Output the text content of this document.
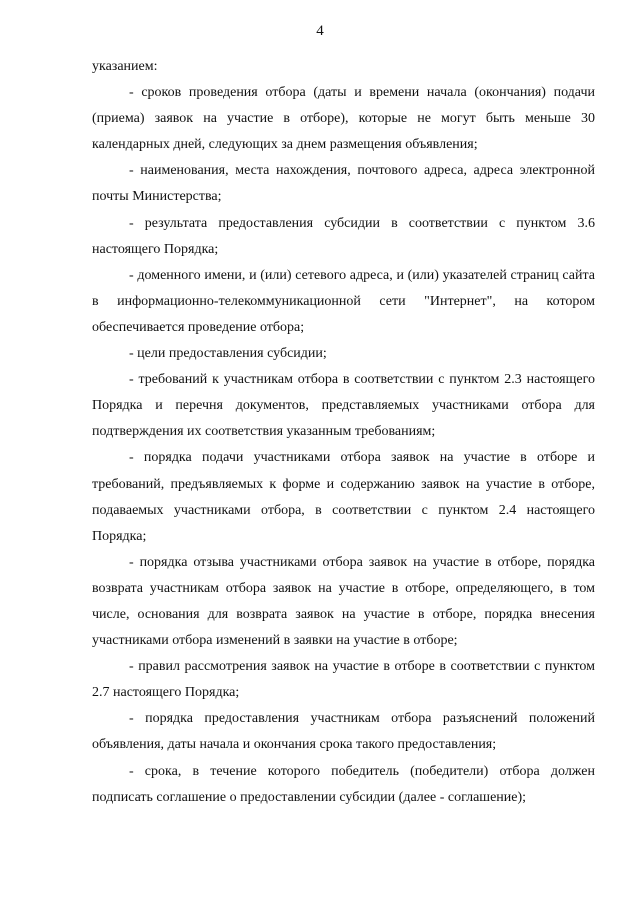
4

указанием:

- сроков проведения отбора (даты и времени начала (окончания) подачи (приема) заявок на участие в отборе), которые не могут быть меньше 30 календарных дней, следующих за днем размещения объявления;

- наименования, места нахождения, почтового адреса, адреса электронной почты Министерства;

- результата предоставления субсидии в соответствии с пунктом 3.6 настоящего Порядка;

- доменного имени, и (или) сетевого адреса, и (или) указателей страниц сайта в информационно-телекоммуникационной сети "Интернет", на котором обеспечивается проведение отбора;

- цели предоставления субсидии;

- требований к участникам отбора в соответствии с пунктом 2.3 настоящего Порядка и перечня документов, представляемых участниками отбора для подтверждения их соответствия указанным требованиям;

- порядка подачи участниками отбора заявок на участие в отборе и требований, предъявляемых к форме и содержанию заявок на участие в отборе, подаваемых участниками отбора, в соответствии с пунктом 2.4 настоящего Порядка;

- порядка отзыва участниками отбора заявок на участие в отборе, порядка возврата участникам отбора заявок на участие в отборе, определяющего, в том числе, основания для возврата заявок на участие в отборе, порядка внесения участниками отбора изменений в заявки на участие в отборе;

- правил рассмотрения заявок на участие в отборе в соответствии с пунктом 2.7 настоящего Порядка;

- порядка предоставления участникам отбора разъяснений положений объявления, даты начала и окончания срока такого предоставления;

- срока, в течение которого победитель (победители) отбора должен подписать соглашение о предоставлении субсидии (далее - соглашение);
